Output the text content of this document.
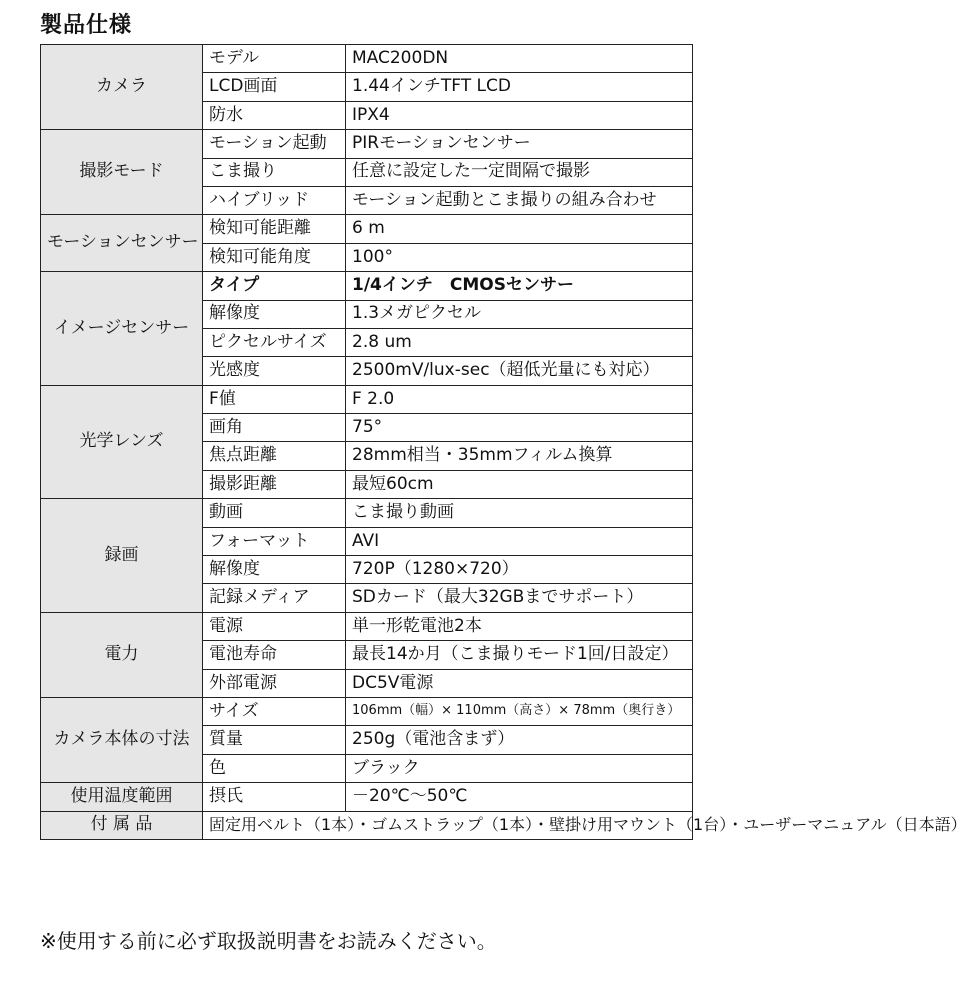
製品仕様
カメラ	モデル	MAC200DN
	LCD画面	1.44インチTFT LCD
	防水	IPX4
撮影モード	モーション起動	PIRモーションセンサー
	こま撮り	任意に設定した一定間隔で撮影
	ハイブリッド	モーション起動とこま撮りの組み合わせ
モーションセンサー	検知可能距離	6 m
	検知可能角度	100°
イメージセンサー	タイプ	1/4インチ　CMOSセンサー
	解像度	1.3メガピクセル
	ピクセルサイズ	2.8 um
	光感度	2500mV/lux-sec（超低光量にも対応）
光学レンズ	F値	F 2.0
	画角	75°
	焦点距離	28mm相当・35mmフィルム換算
	撮影距離	最短60cm
録画	動画	こま撮り動画
	フォーマット	AVI
	解像度	720P（1280×720）
	記録メディア	SDカード（最大32GBまでサポート）
電力	電源	単一形乾電池2本
	電池寿命	最長14か月（こま撮りモード1回/日設定）
	外部電源	DC5V電源
カメラ本体の寸法	サイズ	106mm（幅）× 110mm（高さ）× 78mm（奥行き）
	質量	250g（電池含まず）
	色	ブラック
使用温度範囲	摂氏	－20℃～50℃
付 属 品	固定用ベルト（1本）・ゴムストラップ（1本）・壁掛け用マウント（1台）・ユーザーマニュアル（日本語）	
※使用する前に必ず取扱説明書をお読みください。
